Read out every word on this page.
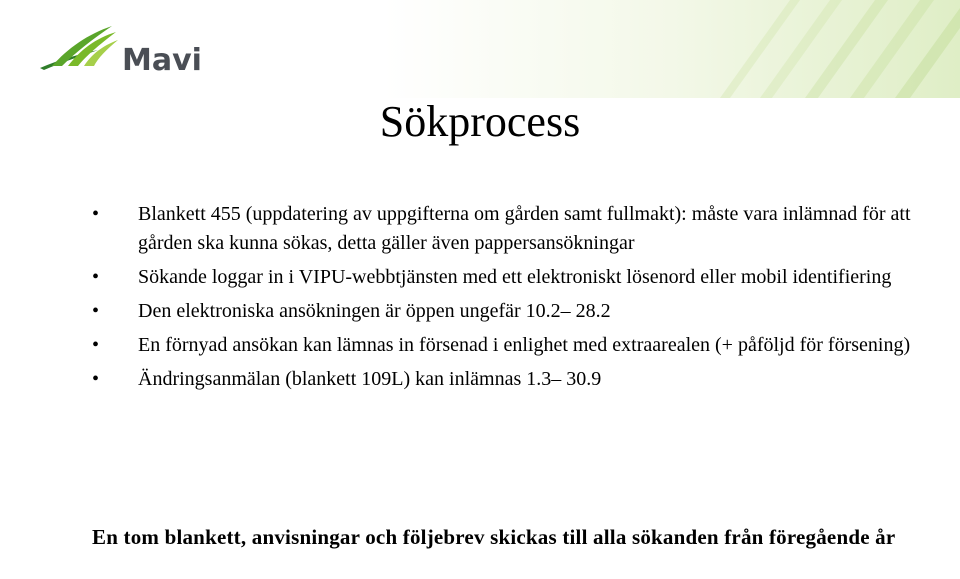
Mavi
Sökprocess
• Blankett 455 (uppdatering av uppgifterna om gården samt fullmakt): måste vara inlämnad för att gården ska kunna sökas, detta gäller även pappersansökningar
• Sökande loggar in i VIPU-webbtjänsten med ett elektroniskt lösenord eller mobil identifiering
• Den elektroniska ansökningen är öppen ungefär 10.2– 28.2
• En förnyad ansökan kan lämnas in försenad i enlighet med extraarealen (+ påföljd för försening)
• Ändringsanmälan (blankett 109L) kan inlämnas 1.3– 30.9
En tom blankett, anvisningar och följebrev skickas till alla sökanden från föregående år
